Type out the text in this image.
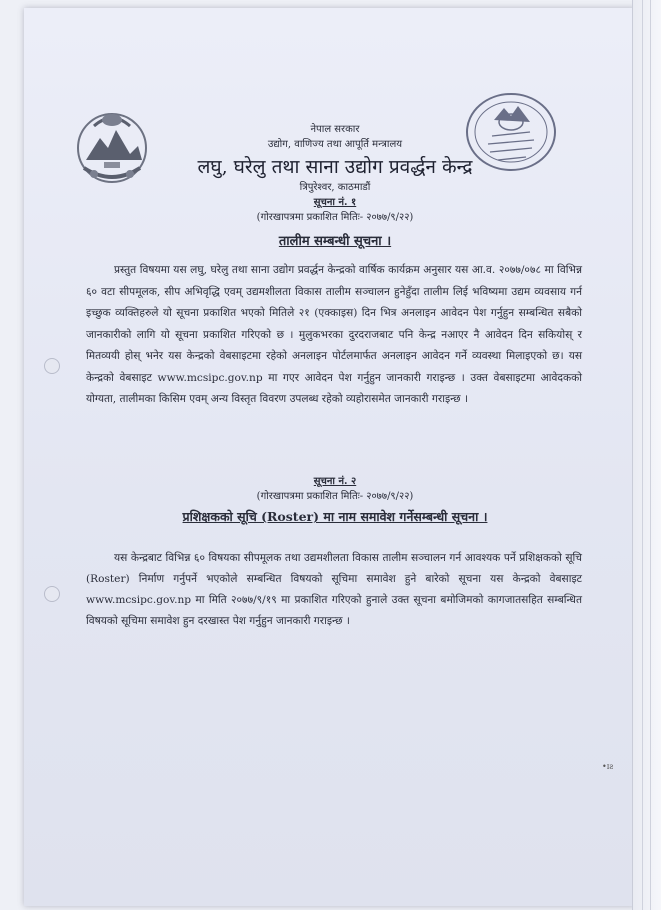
नेपाल सरकार
उद्योग, वाणिज्य तथा आपूर्ति मन्त्रालय
लघु, घरेलु तथा साना उद्योग प्रवर्द्धन केन्द्र
त्रिपुरेश्वर, काठमाडौं
सूचना नं. १
(गोरखापत्रमा प्रकाशित मितिः- २०७७/९/२२)
तालीम सम्बन्धी सूचना ।
प्रस्तुत विषयमा यस लघु, घरेलु तथा साना उद्योग प्रवर्द्धन केन्द्रको वार्षिक कार्यक्रम अनुसार यस आ.व. २०७७/०७८ मा विभिन्न ६० वटा सीपमूलक, सीप अभिवृद्धि एवम् उद्यमशीलता विकास तालीम सञ्चालन हुनेहुँदा तालीम लिई भविष्यमा उद्यम व्यवसाय गर्न इच्छुक व्यक्तिहरुले यो सूचना प्रकाशित भएको मितिले २१ (एक्काइस) दिन भित्र अनलाइन आवेदन पेश गर्नुहुन सम्बन्धित सबैको जानकारीको लागि यो सूचना प्रकाशित गरिएको छ । मुलुकभरका दुरदराजबाट पनि केन्द्र नआएर नै आवेदन दिन सकियोस् र मितव्ययी होस् भनेर यस केन्द्रको वेबसाइटमा रहेको अनलाइन पोर्टलमार्फत अनलाइन आवेदन गर्ने व्यवस्था मिलाइएको छ। यस केन्द्रको वेबसाइट www.mcsipc.gov.np मा गएर आवेदन पेश गर्नुहुन जानकारी गराइन्छ । उक्त वेबसाइटमा आवेदकको योग्यता, तालीमका किसिम एवम् अन्य विस्तृत विवरण उपलब्ध रहेको व्यहोरासमेत जानकारी गराइन्छ ।
सूचना नं. २
(गोरखापत्रमा प्रकाशित मितिः- २०७७/९/२२)
प्रशिक्षकको सूचि (Roster) मा नाम समावेश गर्नेसम्बन्धी सूचना ।
यस केन्द्रबाट विभिन्न ६० विषयका सीपमूलक तथा उद्यमशीलता विकास तालीम सञ्चालन गर्न आवश्यक पर्ने प्रशिक्षकको सूचि (Roster) निर्माण गर्नुपर्ने भएकोले सम्बन्धित विषयको सूचिमा समावेश हुने बारेको सूचना यस केन्द्रको वेबसाइट www.mcsipc.gov.np मा मिति २०७७/९/१९ मा प्रकाशित गरिएको हुनाले उक्त सूचना बमोजिमको कागजातसहित सम्बन्धित विषयको सूचिमा समावेश हुन दरखास्त पेश गर्नुहुन जानकारी गराइन्छ ।
•ɪƨ
